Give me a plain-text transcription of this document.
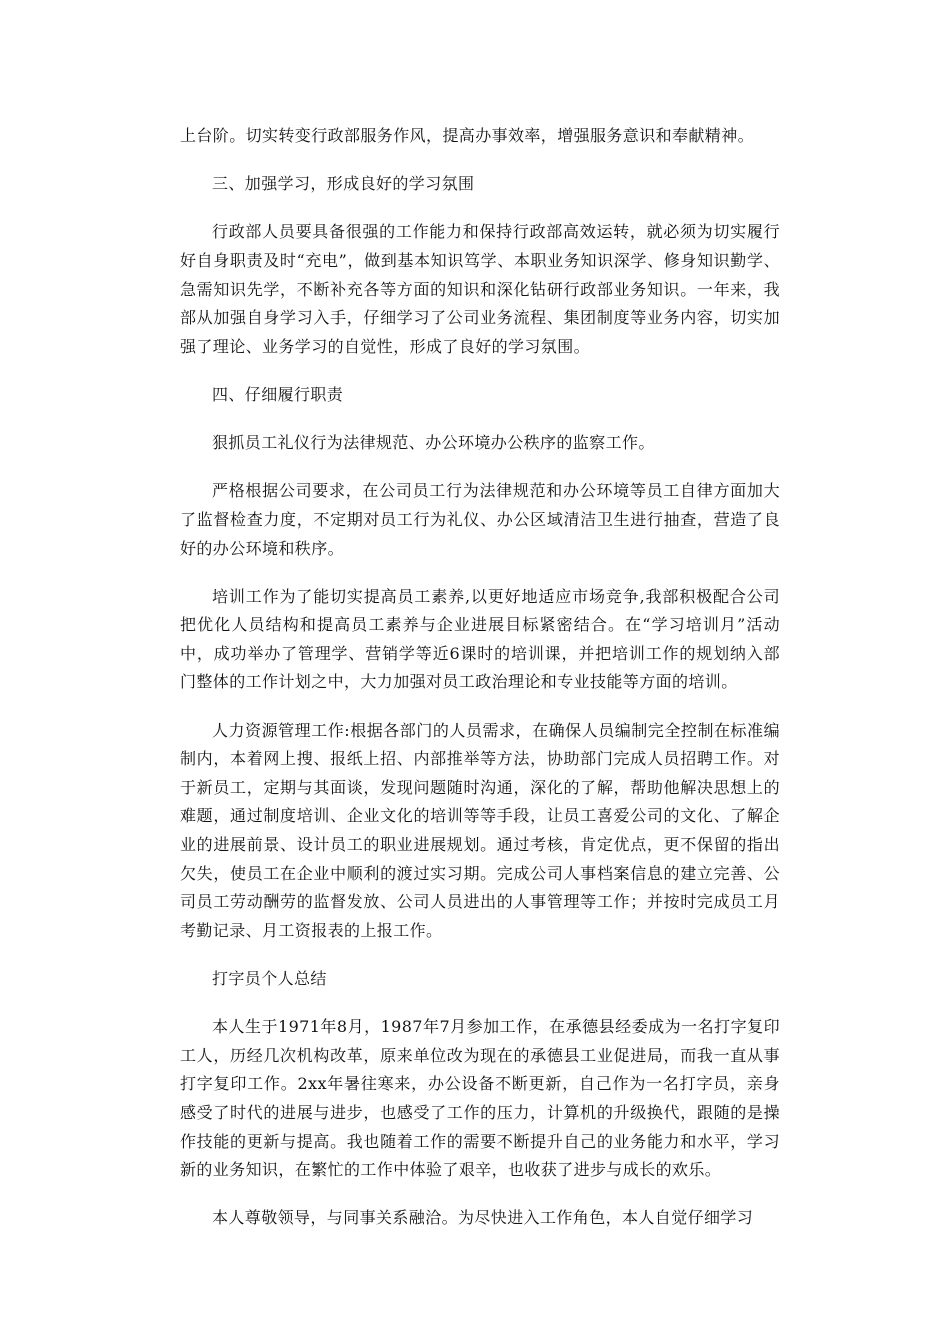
上台阶。切实转变行政部服务作风，提高办事效率，增强服务意识和奉献精神。

三、加强学习，形成良好的学习氛围

行政部人员要具备很强的工作能力和保持行政部高效运转，就必须为切实履行好自身职责及时“充电”，做到基本知识笃学、本职业务知识深学、修身知识勤学、急需知识先学，不断补充各等方面的知识和深化钻研行政部业务知识。一年来，我部从加强自身学习入手，仔细学习了公司业务流程、集团制度等业务内容，切实加强了理论、业务学习的自觉性，形成了良好的学习氛围。

四、仔细履行职责

狠抓员工礼仪行为法律规范、办公环境办公秩序的监察工作。

严格根据公司要求，在公司员工行为法律规范和办公环境等员工自律方面加大了监督检查力度，不定期对员工行为礼仪、办公区域清洁卫生进行抽查，营造了良好的办公环境和秩序。

培训工作为了能切实提高员工素养,以更好地适应市场竞争,我部积极配合公司把优化人员结构和提高员工素养与企业进展目标紧密结合。在“学习培训月”活动中，成功举办了管理学、营销学等近6课时的培训课，并把培训工作的规划纳入部门整体的工作计划之中，大力加强对员工政治理论和专业技能等方面的培训。

人力资源管理工作:根据各部门的人员需求，在确保人员编制完全控制在标准编制内，本着网上搜、报纸上招、内部推举等方法，协助部门完成人员招聘工作。对于新员工，定期与其面谈，发现问题随时沟通，深化的了解，帮助他解决思想上的难题，通过制度培训、企业文化的培训等等手段，让员工喜爱公司的文化、了解企业的进展前景、设计员工的职业进展规划。通过考核，肯定优点，更不保留的指出欠失，使员工在企业中顺利的渡过实习期。完成公司人事档案信息的建立完善、公司员工劳动酬劳的监督发放、公司人员进出的人事管理等工作；并按时完成员工月考勤记录、月工资报表的上报工作。

打字员个人总结

本人生于1971年8月，1987年7月参加工作，在承德县经委成为一名打字复印工人，历经几次机构改革，原来单位改为现在的承德县工业促进局，而我一直从事打字复印工作。2xx年暑往寒来，办公设备不断更新，自己作为一名打字员，亲身感受了时代的进展与进步，也感受了工作的压力，计算机的升级换代，跟随的是操作技能的更新与提高。我也随着工作的需要不断提升自己的业务能力和水平，学习新的业务知识，在繁忙的工作中体验了艰辛，也收获了进步与成长的欢乐。

本人尊敬领导，与同事关系融洽。为尽快进入工作角色，本人自觉仔细学习
